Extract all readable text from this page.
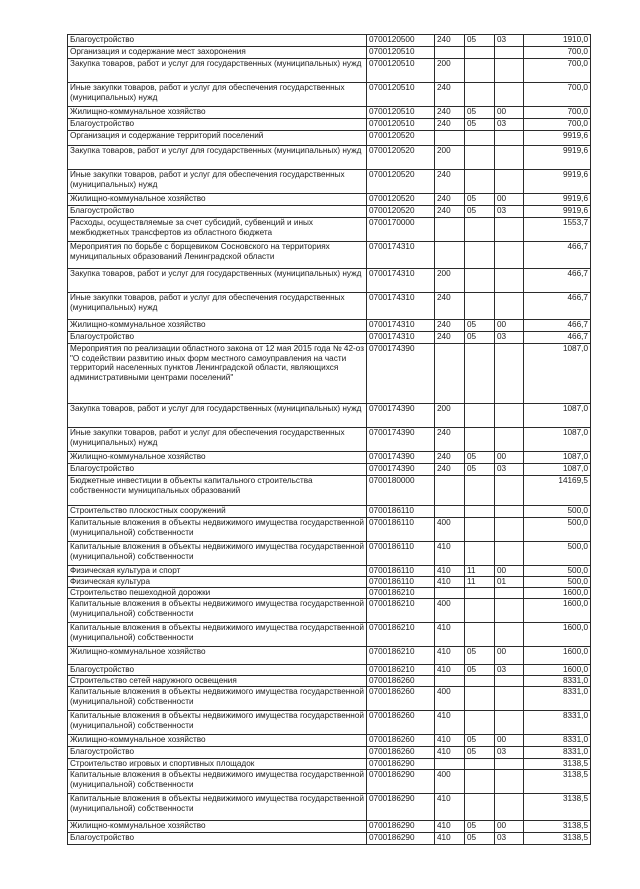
Благоустройство	0700120500	240	05	03	1910,0
Организация и содержание мест захоронения	0700120510				700,0
Закупка товаров, работ и услуг для государственных (муниципальных) нужд	0700120510	200			700,0
Иные закупки товаров, работ и услуг для обеспечения государственных (муниципальных) нужд	0700120510	240			700,0
Жилищно-коммунальное хозяйство	0700120510	240	05	00	700,0
Благоустройство	0700120510	240	05	03	700,0
Организация и содержание территорий поселений	0700120520				9919,6
Закупка товаров, работ и услуг для государственных (муниципальных) нужд	0700120520	200			9919,6
Иные закупки товаров, работ и услуг для обеспечения государственных (муниципальных) нужд	0700120520	240			9919,6
Жилищно-коммунальное хозяйство	0700120520	240	05	00	9919,6
Благоустройство	0700120520	240	05	03	9919,6
Расходы, осуществляемые за счет субсидий, субвенций и иных межбюджетных трансфертов из областного бюджета	0700170000				1553,7
Мероприятия по борьбе с борщевиком Сосновского на территориях муниципальных образований Ленинградской области	0700174310				466,7
Закупка товаров, работ и услуг для государственных (муниципальных) нужд	0700174310	200			466,7
Иные закупки товаров, работ и услуг для обеспечения государственных (муниципальных) нужд	0700174310	240			466,7
Жилищно-коммунальное хозяйство	0700174310	240	05	00	466,7
Благоустройство	0700174310	240	05	03	466,7
Мероприятия по реализации областного закона от 12 мая 2015 года № 42-оз "О содействии развитию иных форм местного самоуправления на части территорий населенных пунктов Ленинградской области, являющихся административными центрами поселений"	0700174390				1087,0
Закупка товаров, работ и услуг для государственных (муниципальных) нужд	0700174390	200			1087,0
Иные закупки товаров, работ и услуг для обеспечения государственных (муниципальных) нужд	0700174390	240			1087,0
Жилищно-коммунальное хозяйство	0700174390	240	05	00	1087,0
Благоустройство	0700174390	240	05	03	1087,0
Бюджетные инвестиции в объекты капитального строительства собственности муниципальных образований	0700180000				14169,5
Строительство плоскостных сооружений	0700186110				500,0
Капитальные вложения в объекты недвижимого имущества государственной (муниципальной) собственности	0700186110	400			500,0
Капитальные вложения в объекты недвижимого имущества государственной (муниципальной) собственности	0700186110	410			500,0
Физическая культура и спорт	0700186110	410	11	00	500,0
Физическая культура	0700186110	410	11	01	500,0
Строительство пешеходной дорожки	0700186210				1600,0
Капитальные вложения в объекты недвижимого имущества государственной (муниципальной) собственности	0700186210	400			1600,0
Капитальные вложения в объекты недвижимого имущества государственной (муниципальной) собственности	0700186210	410			1600,0
Жилищно-коммунальное хозяйство	0700186210	410	05	00	1600,0
Благоустройство	0700186210	410	05	03	1600,0
Строительство сетей наружного освещения	0700186260				8331,0
Капитальные вложения в объекты недвижимого имущества государственной (муниципальной) собственности	0700186260	400			8331,0
Капитальные вложения в объекты недвижимого имущества государственной (муниципальной) собственности	0700186260	410			8331,0
Жилищно-коммунальное хозяйство	0700186260	410	05	00	8331,0
Благоустройство	0700186260	410	05	03	8331,0
Строительство игровых и спортивных площадок	0700186290				3138,5
Капитальные вложения в объекты недвижимого имущества государственной (муниципальной) собственности	0700186290	400			3138,5
Капитальные вложения в объекты недвижимого имущества государственной (муниципальной) собственности	0700186290	410			3138,5
Жилищно-коммунальное хозяйство	0700186290	410	05	00	3138,5
Благоустройство	0700186290	410	05	03	3138,5
